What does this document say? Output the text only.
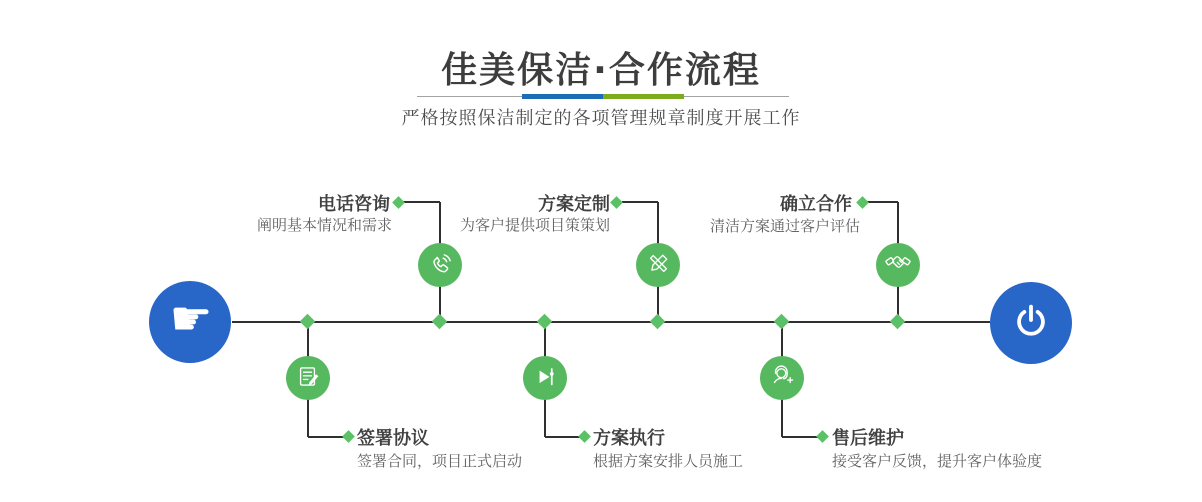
佳美保洁·合作流程
严格按照保洁制定的各项管理规章制度开展工作
☛
电话咨询
阐明基本情况和需求
方案定制
为客户提供项目策策划
确立合作
清洁方案通过客户评估
签署协议
签署合同，项目正式启动
方案执行
根据方案安排人员施工
售后维护
接受客户反馈，提升客户体验度
